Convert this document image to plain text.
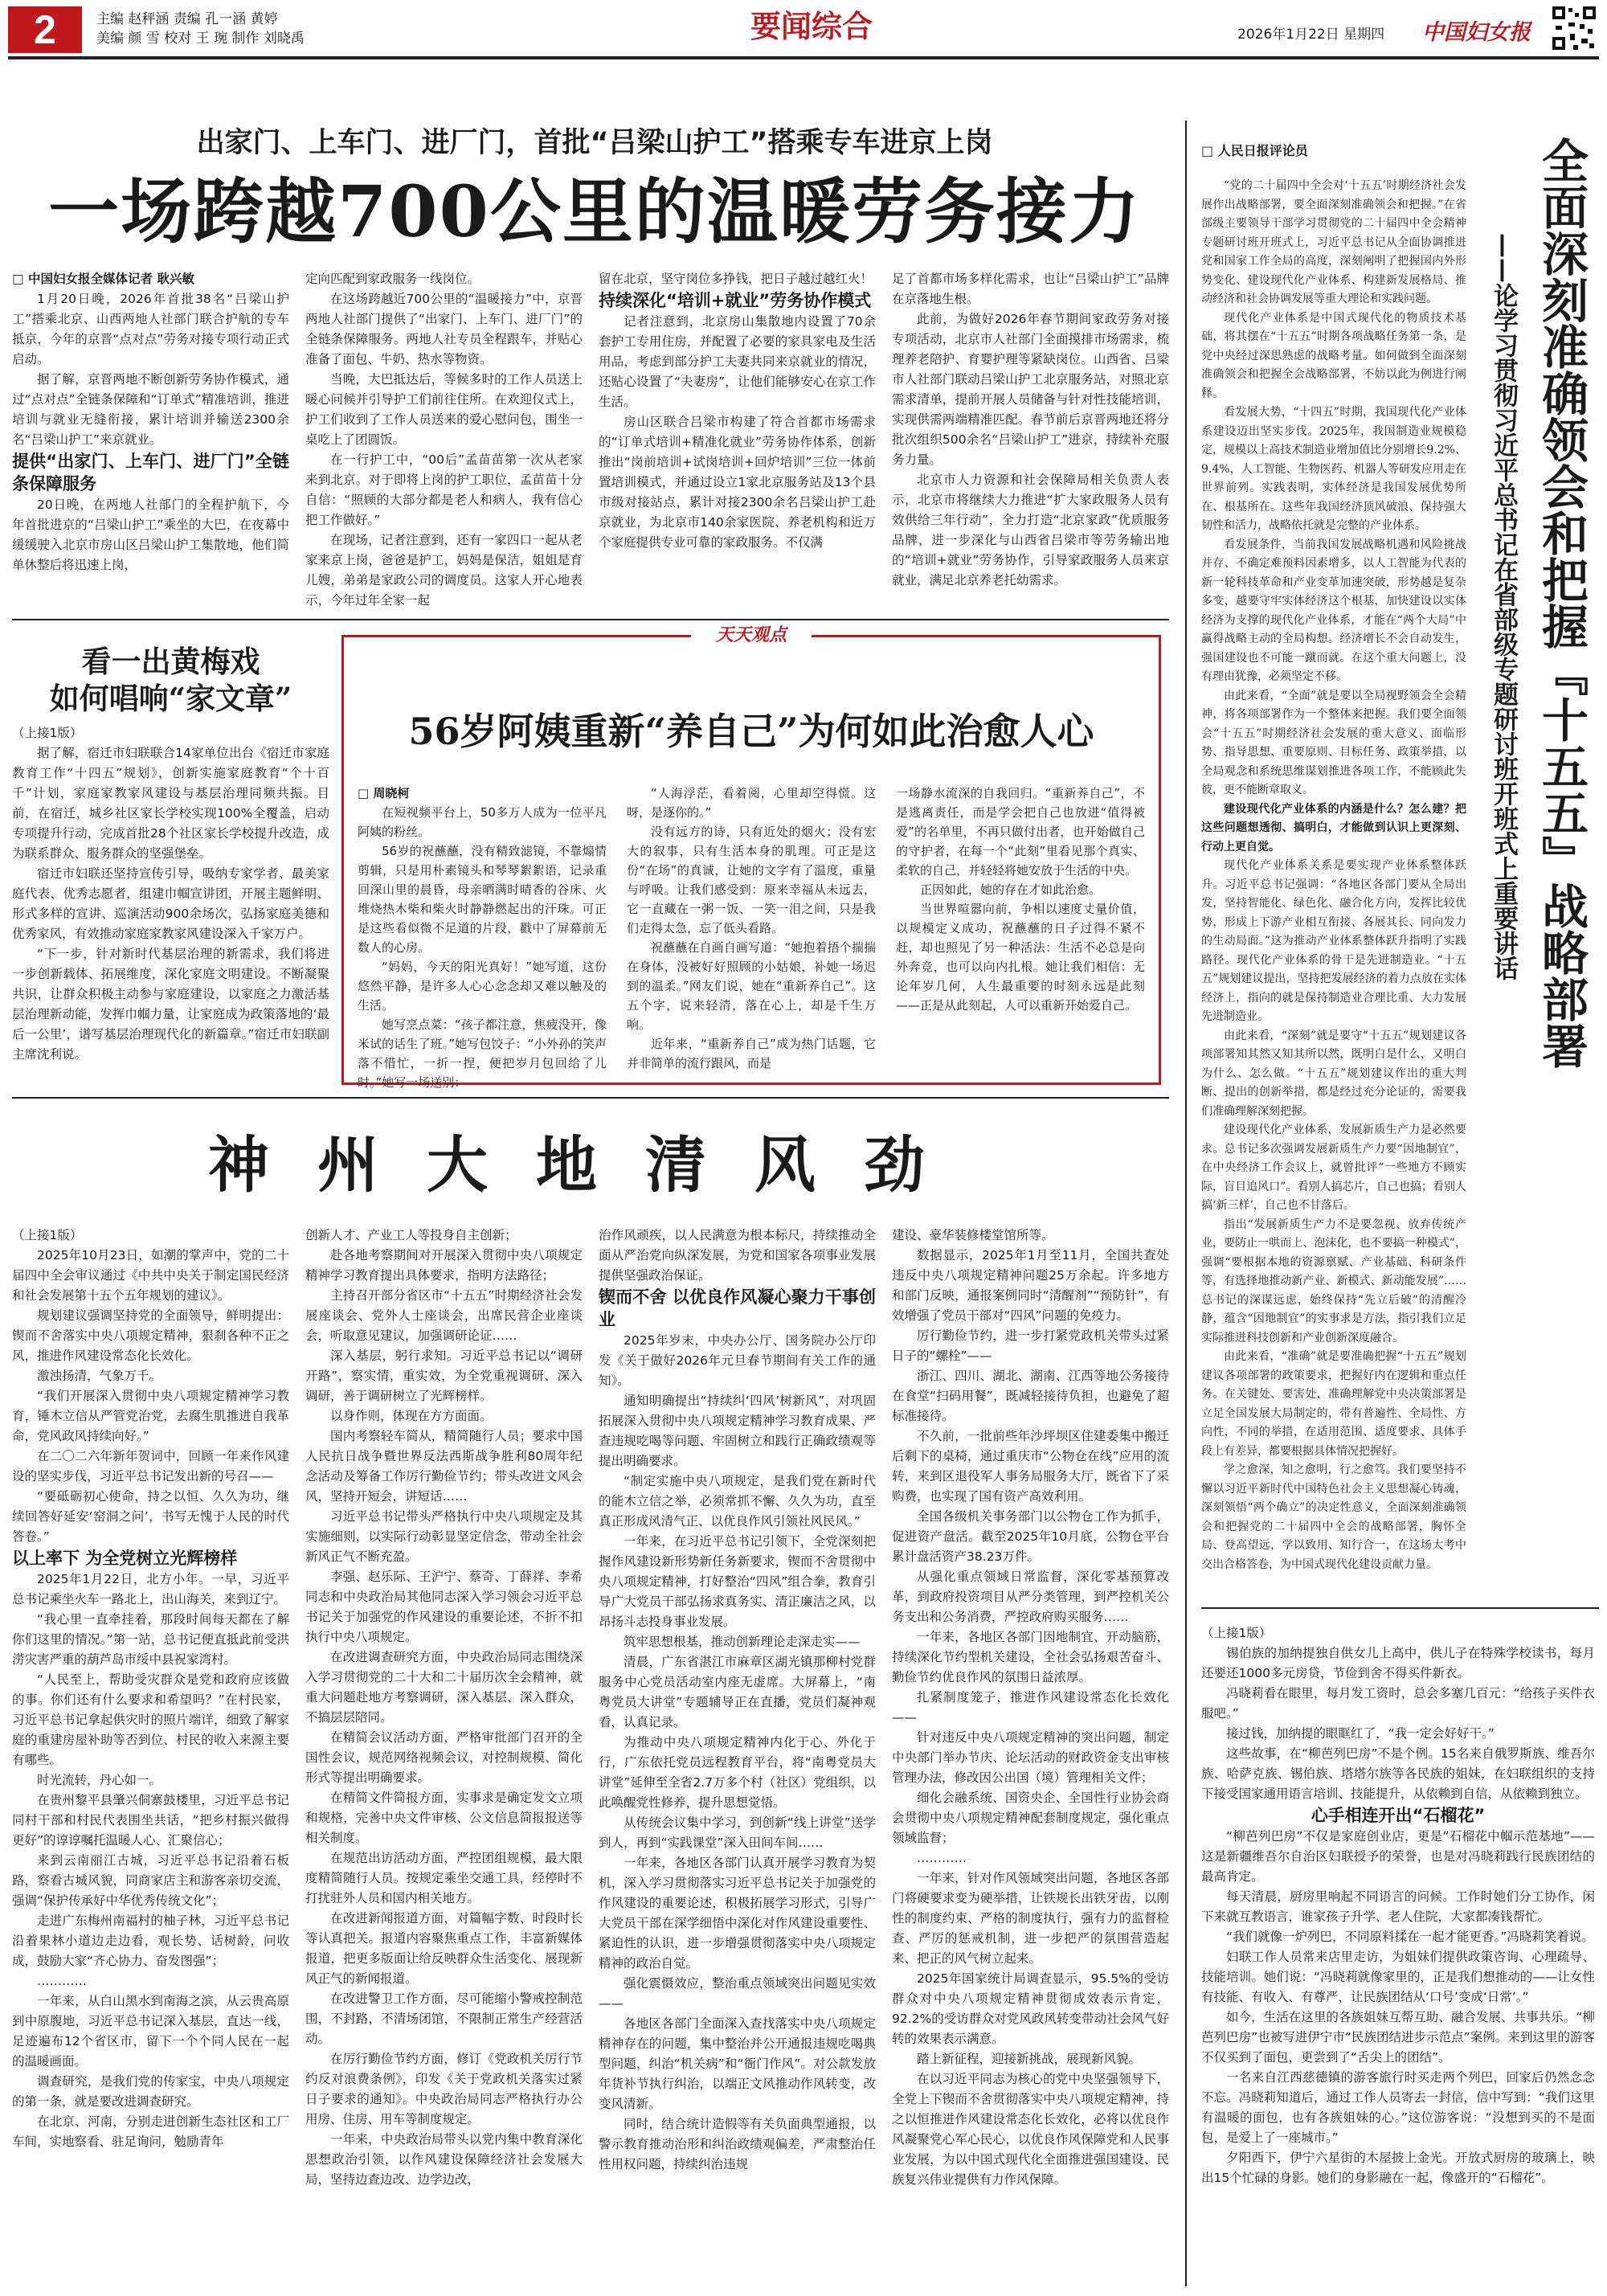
2	主编 赵秤涵 责编 孔一涵 黄婷
美编 颜 雪 校对 王 琬 制作 刘晓禹	要闻综合	2026年1月22日 星期四 中国妇女报
出家门、上车门、进厂门，首批“吕梁山护工”搭乘专车进京上岗
一场跨越700公里的温暖劳务接力

□ 中国妇女报全媒体记者 耿兴敏

1月20日晚，2026年首批38名“吕梁山护工”搭乘北京、山西两地人社部门联合护航的专车抵京，今年的京晋“点对点”劳务对接专项行动正式启动。

据了解，京晋两地不断创新劳务协作模式，通过“点对点”全链条保障和“订单式”精准培训，推进培训与就业无缝衔接，累计培训并输送2300余名“吕梁山护工”来京就业。

提供“出家门、上车门、进厂门”全链条保障服务

20日晚，在两地人社部门的全程护航下，今年首批进京的“吕梁山护工”乘坐的大巴，在夜幕中缓缓驶入北京市房山区吕梁山护工集散地，他们简单休整后将迅速上岗，

定向匹配到家政服务一线岗位。

在这场跨越近700公里的“温暖接力”中，京晋两地人社部门提供了“出家门、上车门、进厂门”的全链条保障服务。两地人社专员全程跟车，并贴心准备了面包、牛奶、热水等物资。

当晚，大巴抵达后，等候多时的工作人员送上暖心问候并引导护工们前往住所。在欢迎仪式上，护工们收到了工作人员送来的爱心慰问包，围坐一桌吃上了团圆饭。

在一行护工中，“00后”孟苗苗第一次从老家来到北京。对于即将上岗的护工职位，孟苗苗十分自信：“照顾的大部分都是老人和病人，我有信心把工作做好。”

在现场，记者注意到，还有一家四口一起从老家来京上岗，爸爸是护工，妈妈是保洁，姐姐是育儿嫂，弟弟是家政公司的调度员。这家人开心地表示，今年过年全家一起

留在北京，坚守岗位多挣钱，把日子越过越红火！

持续深化“培训+就业”劳务协作模式

记者注意到，北京房山集散地内设置了70余套护工专用住房，并配置了必要的家具家电及生活用品，考虑到部分护工夫妻共同来京就业的情况，还贴心设置了“夫妻房”，让他们能够安心在京工作生活。

房山区联合吕梁市构建了符合首都市场需求的“订单式培训+精准化就业”劳务协作体系，创新推出“岗前培训+试岗培训+回炉培训”三位一体前置培训模式，并通过设立1家北京服务站及13个县市级对接站点，累计对接2300余名吕梁山护工赴京就业，为北京市140余家医院、养老机构和近万个家庭提供专业可靠的家政服务。不仅满

足了首都市场多样化需求，也让“吕梁山护工”品牌在京落地生根。

此前，为做好2026年春节期间家政劳务对接专项活动，北京市人社部门全面摸排市场需求，梳理养老陪护、育婴护理等紧缺岗位。山西省、吕梁市人社部门联动吕梁山护工北京服务站，对照北京需求清单，提前开展人员储备与针对性技能培训，实现供需两端精准匹配。春节前后京晋两地还将分批次组织500余名“吕梁山护工”进京，持续补充服务力量。

北京市人力资源和社会保障局相关负责人表示，北京市将继续大力推进“扩大家政服务人员有效供给三年行动”，全力打造“北京家政”优质服务品牌，进一步深化与山西省吕梁市等劳务输出地的“培训+就业”劳务协作，引导家政服务人员来京就业，满足北京养老托幼需求。

看一出黄梅戏
如何唱响“家文章”

（上接1版）

据了解，宿迁市妇联联合14家单位出台《宿迁市家庭教育工作“十四五”规划》，创新实施家庭教育“个十百千”计划，家庭家教家风建设与基层治理同频共振。目前，在宿迁，城乡社区家长学校实现100%全覆盖，启动专项提升行动，完成首批28个社区家长学校提升改造，成为联系群众、服务群众的坚强堡垒。

宿迁市妇联还坚持宣传引导，吸纳专家学者、最美家庭代表、优秀志愿者，组建巾帼宣讲团，开展主题鲜明、形式多样的宣讲、巡演活动900余场次，弘扬家庭美德和优秀家风，有效推动家庭家教家风建设深入千家万户。

“下一步，针对新时代基层治理的新需求，我们将进一步创新载体、拓展维度，深化家庭文明建设。不断凝聚共识，让群众积极主动参与家庭建设，以家庭之力激活基层治理新动能，发挥巾帼力量，让家庭成为政策落地的‘最后一公里’，谱写基层治理现代化的新篇章。”宿迁市妇联副主席沈利说。

天天观点
56岁阿姨重新“养自己”为何如此治愈人心

□ 周晓柯

在短视频平台上，50多万人成为一位平凡阿姨的粉丝。

56岁的祝蘸蘸，没有精致滤镜，不靠煽情剪辑，只是用朴素镜头和琴琴絮絮语，记录重回深山里的晨昏，母亲晒满时晴香的谷床、火堆烧热木柴和柴火时静静燃起出的汗珠。可正是这些看似微不足道的片段，戳中了屏幕前无数人的心房。

“妈妈，今天的阳光真好！”她写道，这份悠然平静，是许多人心心念念却又难以触及的生活。

她写烹点菜：“孩子都注意，焦疲没开，像米试的话生了班。”她写包饺子：“小外孙的笑声落不惜忙，一折一捏，便把岁月包回给了儿时。”她写一场送别：

“人海浮茫，看着阅，心里却空得慌。这呀，是逐你的。”

没有远方的诗，只有近处的烟火；没有宏大的叙事，只有生活本身的肌理。可正是这份“在场”的真诚，让她的文字有了温度，重量与呼吸。让我们感受到：原来幸福从未远去，它一直藏在一粥一饭、一笑一泪之间，只是我们走得太急，忘了低头看路。

祝蘸蘸在自画自画写道：“她抱着捂个揣揣在身体，没被好好照顾的小姑娘，补她一场迟到的温柔。”网友们说，她在“重新养自己”。这五个字，说来轻清，落在心上，却是千生万响。

近年来，“重新养自己”成为热门话题，它并非简单的流行跟风，而是

一场静水流深的自我回归。“重新养自己”，不是逃离责任，而是学会把自己也放进“值得被爱”的名单里，不再只做付出者，也开始做自己的守护者，在每一个“此刻”里看见那个真实、柔软的自己，并轻轻将她安放于生活的中央。

正因如此，她的存在才如此治愈。

当世界喧嚣向前，争相以速度丈量价值，以规模定义成功，祝蘸蘸的日子过得不紧不赶，却也照见了另一种活法：生活不必总是向外奔竞，也可以向内扎根。她让我们相信：无论年岁几何，人生最重要的时刻永远是此刻——正是从此刻起，人可以重新开始爱自己。

神州大地清风劲

（上接1版）

2025年10月23日，如潮的掌声中，党的二十届四中全会审议通过《中共中央关于制定国民经济和社会发展第十五个五年规划的建议》。

规划建议强调坚持党的全面领导，鲜明提出：锲而不舍落实中央八项规定精神，狠刹各种不正之风，推进作风建设常态化长效化。

激浊扬清，气象万千。

“我们开展深入贯彻中央八项规定精神学习教育，锤木立信从严管党治党，去腐生肌推进自我革命，党风政风持续向好。”

在二〇二六年新年贺词中，回顾一年来作风建设的坚实步伐，习近平总书记发出新的号召——

“要砥砺初心使命，持之以恒、久久为功，继续回答好延安‘窑洞之问’，书写无愧于人民的时代答卷。”

以上率下 为全党树立光辉榜样

2025年1月22日，北方小年。一早，习近平总书记乘坐火车一路北上，出山海关，来到辽宁。

“我心里一直牵挂着，那段时间每天都在了解你们这里的情况。”第一站，总书记便直抵此前受洪涝灾害严重的葫芦岛市绥中县祝家湾村。

“人民至上，帮助受灾群众是党和政府应该做的事。你们还有什么要求和希望吗？”在村民家，习近平总书记拿起供灾时的照片端详，细致了解家庭的重建房屋补助等否到位、村民的收入来源主要有哪些。

时光流转，丹心如一。

在贵州黎平县肇兴侗寨鼓楼里，习近平总书记同村干部和村民代表围坐共话，“把乡村振兴做得更好”的谆谆嘱托温暖人心、汇聚信心；

来到云南丽江古城，习近平总书记沿着石板路，察看古城风貌，同商家店主和游客亲切交流，强调“保护传承好中华优秀传统文化”；

走进广东梅州南福村的柚子林，习近平总书记沿着果林小道边走边看，观长势、话树龄，问收成，鼓励大家“齐心协力、奋发图强”；

…………

一年来，从白山黑水到南海之滨，从云贵高原到中原腹地，习近平总书记深入基层，直达一线，足迹遍布12个省区市，留下一个个同人民在一起的温暖画面。

调查研究，是我们党的传家宝，中央八项规定的第一条，就是要改进调查研究。

在北京、河南，分别走进创新生态社区和工厂车间，实地察看、驻足询问，勉励青年

创新人才、产业工人等投身自主创新；

赴各地考察期间对开展深入贯彻中央八项规定精神学习教育提出具体要求，指明方法路径；

主持召开部分省区市“十五五”时期经济社会发展座谈会、党外人士座谈会，出席民营企业座谈会，听取意见建议，加强调研论证……

深入基层，躬行求知。习近平总书记以“调研开路”，察实情，重实效，为全党重视调研、深入调研，善于调研树立了光辉榜样。

以身作则，体现在方方面面。

国内考察轻车简从，精简随行人员；要求中国人民抗日战争暨世界反法西斯战争胜利80周年纪念活动及筹备工作厉行勤俭节约；带头改进文风会风，坚持开短会，讲短话……

习近平总书记带头严格执行中央八项规定及其实施细则，以实际行动彰显坚定信念，带动全社会新风正气不断充盈。

李强、赵乐际、王沪宁、蔡奇、丁薛祥、李希同志和中央政治局其他同志深入学习领会习近平总书记关于加强党的作风建设的重要论述，不折不扣执行中央八项规定。

在改进调查研究方面，中央政治局同志围绕深入学习贯彻党的二十大和二十届历次全会精神，就重大问题赴地方考察调研，深入基层、深入群众，不搞层层陪同。

在精简会议活动方面，严格审批部门召开的全国性会议，规范网络视频会议，对控制规模、简化形式等提出明确要求。

在精简文件简报方面，实事求是确定发文立项和规格，完善中央文件审核、公文信息简报报送等相关制度。

在规范出访活动方面，严控团组规模，最大限度精简随行人员。按规定乘坐交通工具，经停时不打扰驻外人员和国内相关地方。

在改进新闻报道方面，对篇幅字数、时段时长等认真把关。报道内容聚焦重点工作，丰富新媒体报道，把更多版面让给反映群众生活变化、展现新风正气的新闻报道。

在改进警卫工作方面，尽可能缩小警戒控制范围，不封路，不清场闭馆，不限制正常生产经营活动。

在厉行勤俭节约方面，修订《党政机关厉行节约反对浪费条例》，印发《关于党政机关落实过紧日子要求的通知》。中央政治局同志严格执行办公用房、住房、用车等制度规定。

一年来，中央政治局带头以党内集中教育深化思想政治引领，以作风建设保障经济社会发展大局，坚持边查边改、边学边改，

治作风顽疾，以人民满意为根本标尺，持续推动全面从严治党向纵深发展，为党和国家各项事业发展提供坚强政治保证。

锲而不舍 以优良作风凝心聚力干事创业

2025年岁末，中央办公厅、国务院办公厅印发《关于做好2026年元旦春节期间有关工作的通知》。

通知明确提出“持续纠‘四风’树新风”，对巩固拓展深入贯彻中央八项规定精神学习教育成果、严查违规吃喝等问题、牢固树立和践行正确政绩观等提出明确要求。

“制定实施中央八项规定，是我们党在新时代的能木立信之举，必须常抓不懈、久久为功，直至真正形成风清气正、以优良作风引领社风民风。”

一年来，在习近平总书记引领下，全党深刻把握作风建设新形势新任务新要求，锲而不舍贯彻中央八项规定精神，打好整治“四风”组合拳，教育引导广大党员干部弘扬求真务实、清正廉洁之风，以昂扬斗志投身事业发展。

筑牢思想根基，推动创新理论走深走实——

清晨，广东省湛江市麻章区湖光镇那柳村党群服务中心党员活动室内座无虚席。大屏幕上，“南粤党员大讲堂”专题辅导正在直播，党员们凝神观看，认真记录。

为推动中央八项规定精神内化于心、外化于行，广东依托党员远程教育平台，将“南粤党员大讲堂”延伸至全省2.7万多个村（社区）党组织，以此唤醒党性修养，提升思想觉悟。

从传统会议集中学习，到创新“线上讲堂”送学到人，再到“实践课堂”深入田间车间……

一年来，各地区各部门认真开展学习教育为契机，深入学习贯彻落实习近平总书记关于加强党的作风建设的重要论述，积极拓展学习形式，引导广大党员干部在深学细悟中深化对作风建设重要性、紧迫性的认识，进一步增强贯彻落实中央八项规定精神的政治自觉。

强化震慑效应，整治重点领域突出问题见实效——

各地区各部门全面深入查找落实中央八项规定精神存在的问题，集中整治并公开通报违规吃喝典型问题，纠治“机关病”和“衙门作风”。对公款发放年货补节执行纠治，以端正文风推动作风转变，改变风清新。

同时，结合统计造假等有关负面典型通报，以警示教育推动治形和纠治政绩观偏差，严肃整治任性用权问题，持续纠治违规

建设、豪华装修楼堂馆所等。

数据显示，2025年1月至11月，全国共查处违反中央八项规定精神问题25万余起。许多地方和部门反映，通报案例同时“清醒剂”“预防针”，有效增强了党员干部对“四风”问题的免疫力。

厉行勤俭节约，进一步打紧党政机关带头过紧日子的“螺栓”——

浙江、四川、湖北、湖南、江西等地公务接待在食堂“扫码用餐”，既减轻接待负担，也避免了超标准接待。

不久前，一批前些年沙坪坝区住建委集中搬迁后剩下的桌椅，通过重庆市“公物仓在线”应用的流转，来到区退役军人事务局服务大厅，既省下了采购费，也实现了国有资产高效利用。

全国各级机关事务部门以公物仓工作为抓手，促进资产盘活。截至2025年10月底，公物仓平台累计盘活资产38.23万件。

从强化重点领域日常监督，深化零基预算改革，到政府投资项目从严分类管理，到严控机关公务支出和公务消费，严控政府购买服务……

一年来，各地区各部门因地制宜、开动脑筋，持续深化节约型机关建设，全社会弘扬艰苦奋斗、勤俭节约优良作风的氛围日益浓厚。

扎紧制度笼子，推进作风建设常态化长效化——

针对违反中央八项规定精神的突出问题，制定中央部门举办节庆、论坛活动的财政资金支出审核管理办法，修改因公出国（境）管理相关文件；

细化会融系统、国资央企、全国性行业协会商会贯彻中央八项规定精神配套制度规定，强化重点领域监督；

…………

一年来，针对作风领域突出问题，各地区各部门将硬要求变为硬举措，让铁规长出铁牙齿，以刚性的制度约束、严格的制度执行，强有力的监督检查、严厉的惩戒机制，进一步把严的氛围营造起来、把正的风气树立起来。

2025年国家统计局调查显示，95.5%的受访群众对中央八项规定精神贯彻成效表示肯定，92.2%的受访群众对党风政风转变带动社会风气好转的效果表示满意。

踏上新征程，迎接新挑战，展现新风貌。

在以习近平同志为核心的党中央坚强领导下，全党上下锲而不舍贯彻落实中央八项规定精神，持之以恒推进作风建设常态化长效化，必将以优良作风凝聚党心军心民心，以优良作风保障党和人民事业发展，为以中国式现代化全面推进强国建设、民族复兴伟业提供有力作风保障。

□ 人民日报评论员

“党的二十届四中全会对‘十五五’时期经济社会发展作出战略部署，要全面深刻准确领会和把握。”在省部级主要领导干部学习贯彻党的二十届四中全会精神专题研讨班开班式上，习近平总书记从全面协调推进党和国家工作全局的高度，深刻阐明了把握国内外形势变化、建设现代化产业体系、构建新发展格局、推动经济和社会协调发展等重大理论和实践问题。

现代化产业体系是中国式现代化的物质技术基础，将其摆在“十五五”时期各项战略任务第一条，是党中央经过深思熟虑的战略考量。如何做到全面深刻准确领会和把握全会战略部署，不妨以此为例进行阐释。

看发展大势，“十四五”时期，我国现代化产业体系建设迈出坚实步伐。2025年，我国制造业规模稳定，规模以上高技术制造业增加值比分别增长9.2%、9.4%，人工智能、生物医药、机器人等研发应用走在世界前列。实践表明，实体经济是我国发展优势所在、根基所在。这些年我国经济顶风破浪、保持强大韧性和活力，战略依托就是完整的产业体系。

看发展条件，当前我国发展战略机遇和风险挑战并存、不确定难预料因素增多，以人工智能为代表的新一轮科技革命和产业变革加速突破，形势越是复杂多变，越要守牢实体经济这个根基，加快建设以实体经济为支撑的现代化产业体系，才能在“两个大局”中赢得战略主动的全局构想。经济增长不会自动发生，强国建设也不可能一蹴而就。在这个重大问题上，没有理由犹豫，必须坚定不移。

由此来看，“全面”就是要以全局视野领会全会精神，将各项部署作为一个整体来把握。我们要全面领会“十五五”时期经济社会发展的重大意义、面临形势、指导思想、重要原则、目标任务、政策举措，以全局观念和系统思维谋划推进各项工作，不能顾此失彼，更不能断章取义。

建设现代化产业体系的内涵是什么？怎么建？把这些问题想透彻、搞明白，才能做到认识上更深刻、行动上更自觉。

现代化产业体系关系是要实现产业体系整体跃升。习近平总书记强调：“各地区各部门要从全局出发，坚持智能化、绿色化、融合化方向，发挥比较优势，形成上下游产业相互衔接、各展其长、同向发力的生动局面。”这为推动产业体系整体跃升指明了实践路径。现代化产业体系的骨干是先进制造业。“十五五”规划建议提出，坚持把发展经济的着力点放在实体经济上，指向的就是保持制造业合理比重、大力发展先进制造业。

由此来看，“深刻”就是要守“十五五”规划建议各项部署知其然又知其所以然，既明白是什么，又明白为什么、怎么做。“十五五”规划建议作出的重大判断、提出的创新举措，都是经过充分论证的，需要我们准确理解深刻把握。

建设现代化产业体系，发展新质生产力是必然要求。总书记多次强调发展新质生产力要“因地制宜”，在中央经济工作会议上，就曾批评“一些地方不顾实际，盲目追风口”。看别人搞芯片，自己也搞；看别人搞‘新三样’，自己也不甘落后。

指出“发展新质生产力不是要忽视、放弃传统产业，要防止一哄而上、泡沫化，也不要搞一种模式”，强调“要根据本地的资源禀赋、产业基础、科研条件等，有选择地推动新产业、新模式、新动能发展”……总书记的深谋远虑，始终保持“先立后破”的清醒冷静，蕴含“因地制宜”的实事求是方法，指引我们立足实际推进科技创新和产业创新深度融合。

由此来看，“准确”就是要准确把握“十五五”规划建议各项部署的政策要求，把握好内在逻辑和重点任务。在关键处、要害处，准确理解党中央决策部署是立足全国发展大局制定的，带有普遍性、全局性、方向性，不同的举措，在适用范围、适度要求、具体手段上有差异，都要根据具体情况把握好。

学之愈深，知之愈明，行之愈笃。我们要坚持不懈以习近平新时代中国特色社会主义思想凝心铸魂，深刻领悟“两个确立”的决定性意义，全面深刻准确领会和把握党的二十届四中全会的战略部署，胸怀全局、登高望远，学以致用、知行合一，在这场大考中交出合格答卷，为中国式现代化建设贡献力量。

全面深刻准确领会和把握『十五五』战略部署
——论学习贯彻习近平总书记在省部级专题研讨班开班式上重要讲话

（上接1版）

锡伯族的加纳提独自供女儿上高中，供儿子在特殊学校读书，每月还要还1000多元房贷，节俭到舍不得买件新衣。

冯晓莉看在眼里，每月发工资时，总会多塞几百元：“给孩子买件衣服吧。”

接过钱，加纳提的眼眶红了，“我一定会好好干。”

这些故事，在“柳芭列巴房”不是个例。15名来自俄罗斯族、维吾尔族、哈萨克族、锡伯族、塔塔尔族等各民族的姐妹，在妇联组织的支持下接受国家通用语言培训、技能提升，从依赖到自信，从依赖到独立。

心手相连开出“石榴花”

“柳芭列巴房”不仅是家庭创业店，更是“石榴花中帼示范基地”——这是新疆维吾尔自治区妇联授予的荣誉，也是对冯晓莉践行民族团结的最高肯定。

每天清晨，厨房里响起不同语言的问候。工作时她们分工协作，闲下来就互教语言，谁家孩子升学、老人住院，大家都凑钱帮忙。

“我们就像一炉列巴，不同原料揉在一起才能更香。”冯晓莉笑着说。

妇联工作人员常来店里走访，为姐妹们提供政策咨询、心理疏导、技能培训。她们说：“冯晓莉就像家里的，正是我们想推动的——让女性有技能、有收入、有尊严，让民族团结从‘口号’变成‘日常’。”

如今，生活在这里的各族姐妹互帮互助、融合发展、共事共乐。“柳芭列巴房”也被写进伊宁市“民族团结进步示范点”案例。来到这里的游客不仅买到了面包，更尝到了“舌尖上的团结”。

一名来自江西慈德镇的游客旅行时买走两个列巴，回家后仍然念念不忘。冯晓莉知道后，通过工作人员寄去一封信，信中写到：“我们这里有温暖的面包，也有各族姐妹的心。”这位游客说：“没想到买的不是面包，是爱上了一座城市。”

夕阳西下，伊宁六星街的木屋披上金光。开放式厨房的玻璃上，映出15个忙碌的身影。她们的身影融在一起，像盛开的“石榴花”。
